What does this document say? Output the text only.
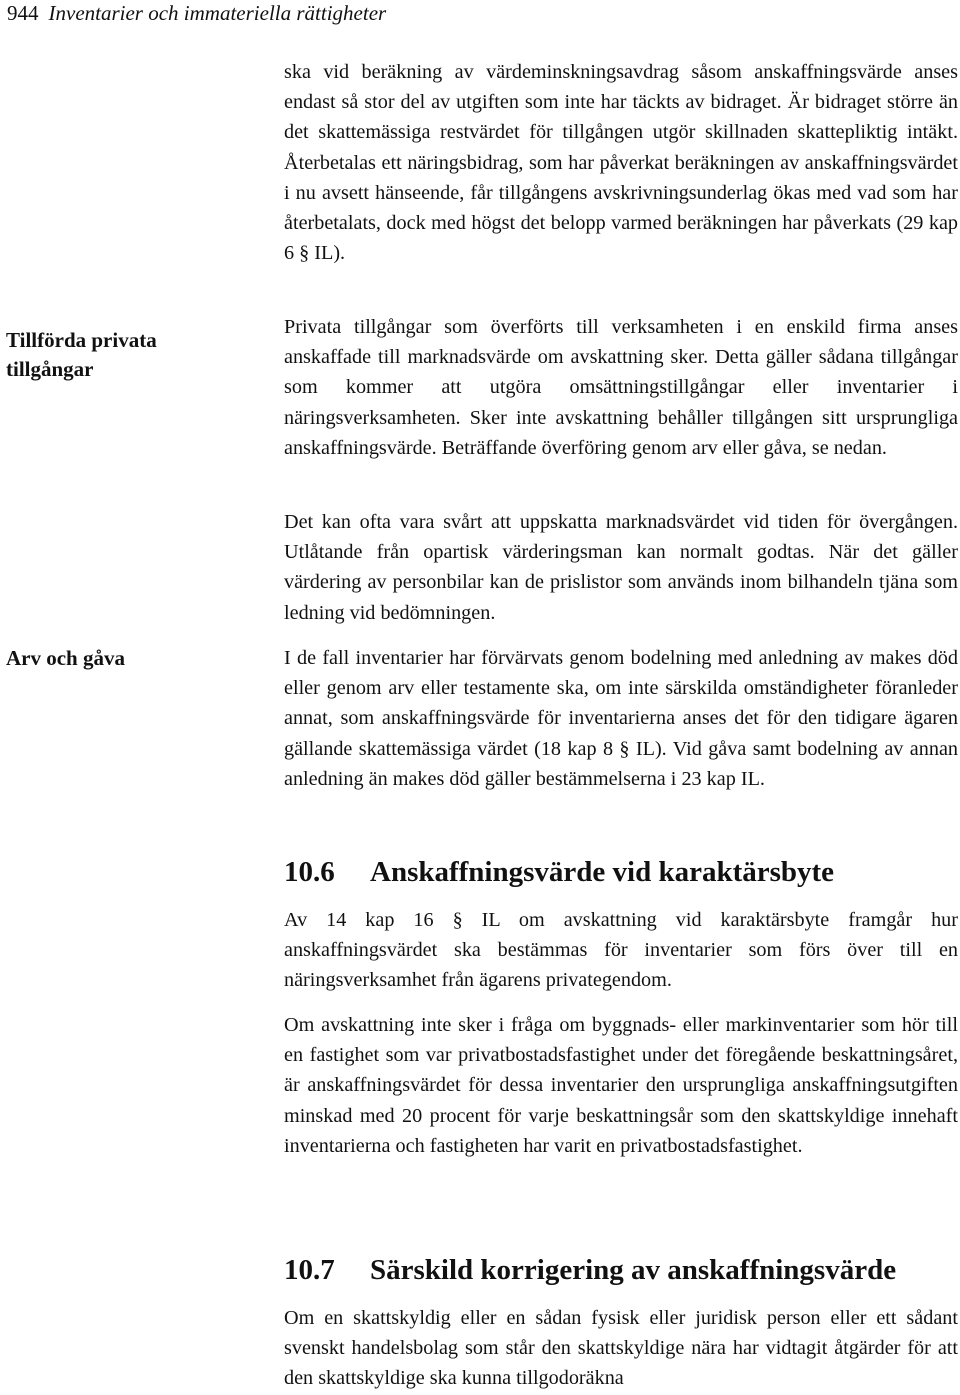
944 Inventarier och immateriella rättigheter
Tillförda privata tillgångar
Arv och gåva

ska vid beräkning av värdeminskningsavdrag såsom anskaffningsvärde anses endast så stor del av utgiften som inte har täckts av bidraget. Är bidraget större än det skattemässiga restvärdet för tillgången utgör skillnaden skattepliktig intäkt. Återbetalas ett näringsbidrag, som har påverkat beräkningen av anskaffningsvärdet i nu avsett hänseende, får tillgångens avskrivningsunderlag ökas med vad som har återbetalats, dock med högst det belopp varmed beräkningen har påverkats (29 kap 6 § IL).

Privata tillgångar som överförts till verksamheten i en enskild firma anses anskaffade till marknadsvärde om avskattning sker. Detta gäller sådana tillgångar som kommer att utgöra omsättningstillgångar eller inventarier i näringsverksamheten. Sker inte avskattning behåller tillgången sitt ursprungliga anskaffningsvärde. Beträffande överföring genom arv eller gåva, se nedan.

Det kan ofta vara svårt att uppskatta marknadsvärdet vid tiden för övergången. Utlåtande från opartisk värderingsman kan normalt godtas. När det gäller värdering av personbilar kan de prislistor som används inom bilhandeln tjäna som ledning vid bedömningen.

I de fall inventarier har förvärvats genom bodelning med anledning av makes död eller genom arv eller testamente ska, om inte särskilda omständigheter föranleder annat, som anskaffningsvärde för inventarierna anses det för den tidigare ägaren gällande skattemässiga värdet (18 kap 8 § IL). Vid gåva samt bodelning av annan anledning än makes död gäller bestämmelserna i 23 kap IL.

10.6 Anskaffningsvärde vid karaktärsbyte

Av 14 kap 16 § IL om avskattning vid karaktärsbyte framgår hur anskaffningsvärdet ska bestämmas för inventarier som förs över till en näringsverksamhet från ägarens privategendom.

Om avskattning inte sker i fråga om byggnads- eller markinventarier som hör till en fastighet som var privatbostadsfastighet under det föregående beskattningsåret, är anskaffningsvärdet för dessa inventarier den ursprungliga anskaffningsutgiften minskad med 20 procent för varje beskattningsår som den skattskyldige innehaft inventarierna och fastigheten har varit en privatbostadsfastighet.

10.7 Särskild korrigering av anskaffningsvärde

Om en skattskyldig eller en sådan fysisk eller juridisk person eller ett sådant svenskt handelsbolag som står den skattskyldige nära har vidtagit åtgärder för att den skattskyldige ska kunna tillgodoräkna
